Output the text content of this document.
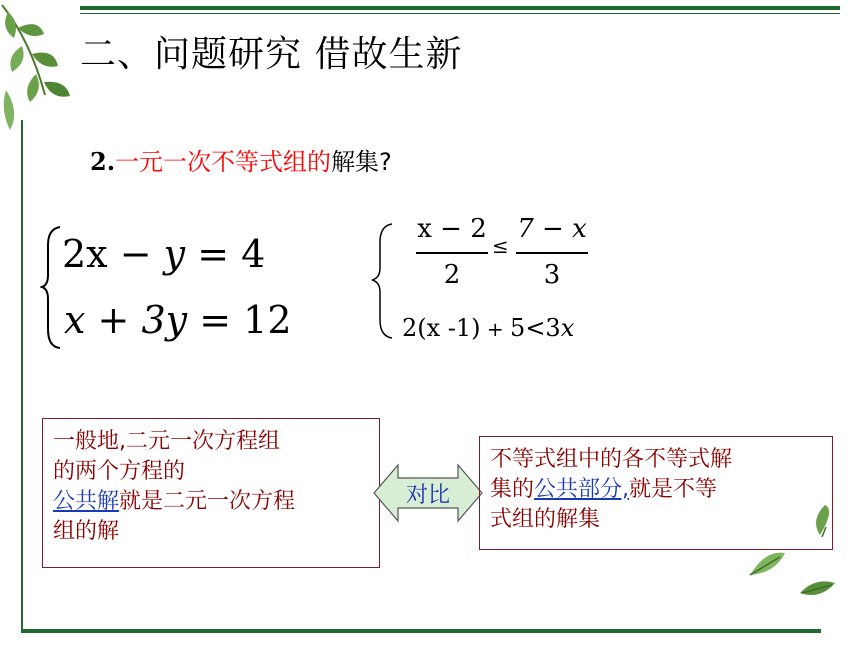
二、问题研究 借故生新
2.一元一次不等式组的解集?
2x − y = 4
x + 3y = 12
x − 2
2
≤
7 − x
3
2(x -1) + 5<3x
一般地,二元一次方程组
的两个方程的
公共解就是二元一次方程
组的解
对比
不等式组中的各不等式解
集的公共部分,就是不等
式组的解集
